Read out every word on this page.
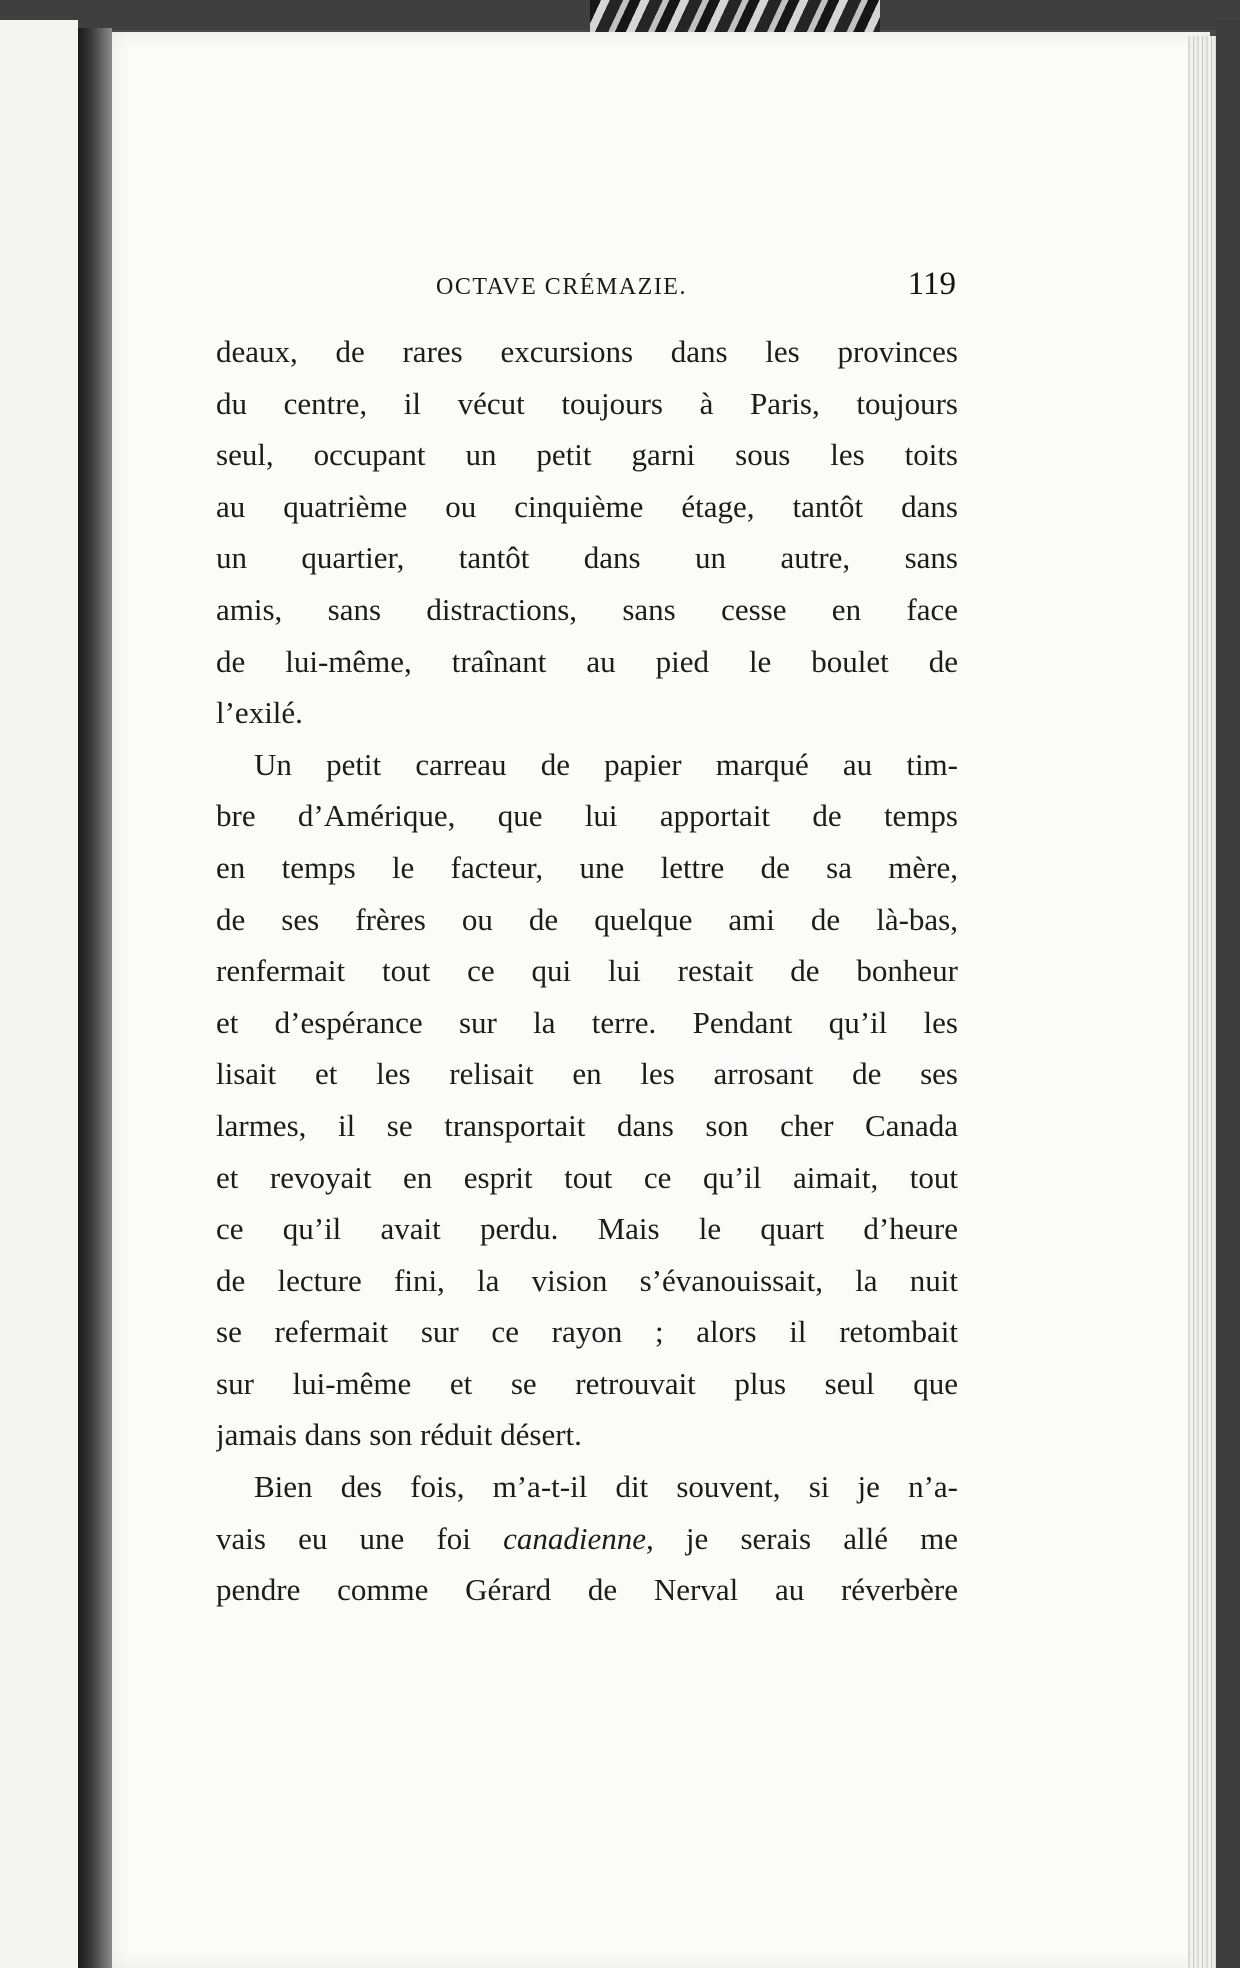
OCTAVE CRÉMAZIE.	119
deaux, de rares excursions dans les provinces
du centre, il vécut toujours à Paris, toujours
seul, occupant un petit garni sous les toits
au quatrième ou cinquième étage, tantôt dans
un quartier, tantôt dans un autre, sans
amis, sans distractions, sans cesse en face
de lui-même, traînant au pied le boulet de
l’exilé.
Un petit carreau de papier marqué au tim-
bre d’Amérique, que lui apportait de temps
en temps le facteur, une lettre de sa mère,
de ses frères ou de quelque ami de là-bas,
renfermait tout ce qui lui restait de bonheur
et d’espérance sur la terre. Pendant qu’il les
lisait et les relisait en les arrosant de ses
larmes, il se transportait dans son cher Canada
et revoyait en esprit tout ce qu’il aimait, tout
ce qu’il avait perdu. Mais le quart d’heure
de lecture fini, la vision s’évanouissait, la nuit
se refermait sur ce rayon ; alors il retombait
sur lui-même et se retrouvait plus seul que
jamais dans son réduit désert.
Bien des fois, m’a-t-il dit souvent, si je n’a-
vais eu une foi canadienne, je serais allé me
pendre comme Gérard de Nerval au réverbère
